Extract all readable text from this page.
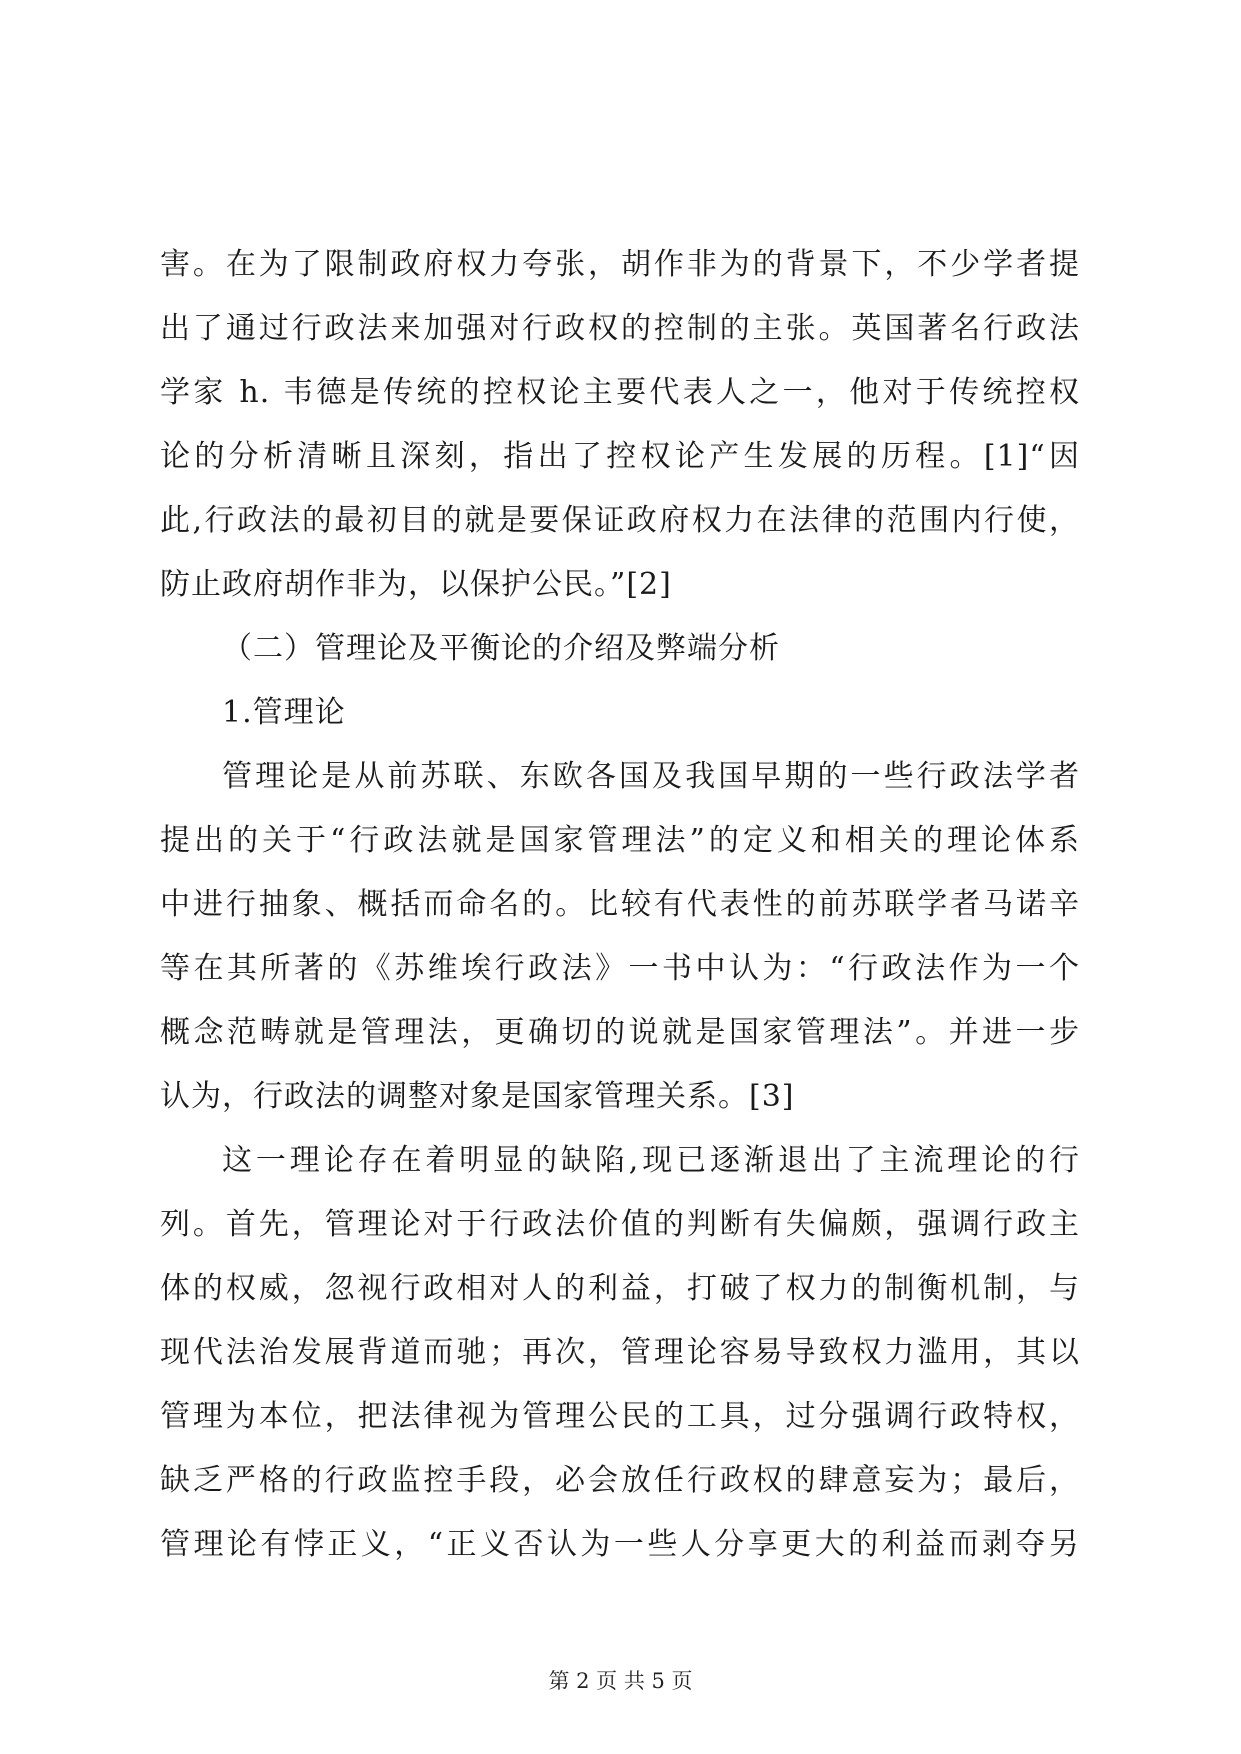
害。在为了限制政府权力夸张，胡作非为的背景下，不少学者提
出了通过行政法来加强对行政权的控制的主张。英国著名行政法
学家 h. 韦德是传统的控权论主要代表人之一，他对于传统控权
论的分析清晰且深刻，指出了控权论产生发展的历程。[1]“因
此,行政法的最初目的就是要保证政府权力在法律的范围内行使，
防止政府胡作非为，以保护公民。”[2]
（二）管理论及平衡论的介绍及弊端分析
1.管理论
管理论是从前苏联、东欧各国及我国早期的一些行政法学者
提出的关于“行政法就是国家管理法”的定义和相关的理论体系
中进行抽象、概括而命名的。比较有代表性的前苏联学者马诺辛
等在其所著的《苏维埃行政法》一书中认为：“行政法作为一个
概念范畴就是管理法，更确切的说就是国家管理法”。并进一步
认为，行政法的调整对象是国家管理关系。[3]
这一理论存在着明显的缺陷,现已逐渐退出了主流理论的行
列。首先，管理论对于行政法价值的判断有失偏颇，强调行政主
体的权威，忽视行政相对人的利益，打破了权力的制衡机制，与
现代法治发展背道而驰；再次，管理论容易导致权力滥用，其以
管理为本位，把法律视为管理公民的工具，过分强调行政特权，
缺乏严格的行政监控手段，必会放任行政权的肆意妄为；最后，
管理论有悖正义，“正义否认为一些人分享更大的利益而剥夺另
第 2 页 共 5 页
